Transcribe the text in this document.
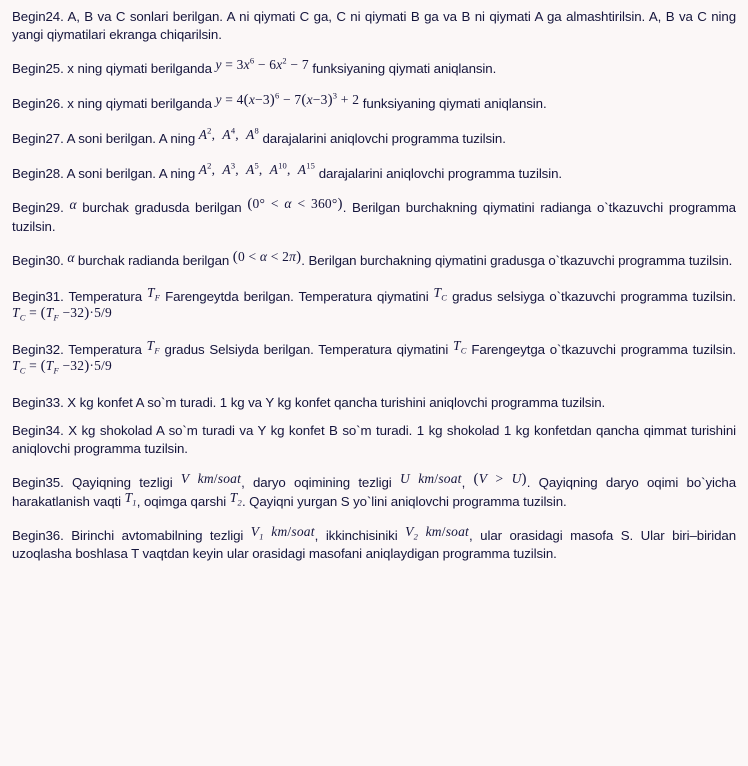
Begin24. A, B va C sonlari berilgan. A ni qiymati C ga, C ni qiymati B ga va B ni qiymati A ga almashtirilsin. A, B va C ning yangi qiymatilari ekranga chiqarilsin.

Begin25. x ning qiymati berilganda $y = 3x^6 - 6x^2 - 7$ funksiyaning qiymati aniqlansin.

Begin26. x ning qiymati berilganda $y = 4(x-3)^6 - 7(x-3)^3 + 2$ funksiyaning qiymati aniqlansin.

Begin27. A soni berilgan. A ning $A^2$,  $A^4$,  $A^8$ darajalarini aniqlovchi programma tuzilsin.

Begin28. A soni berilgan. A ning $A^2$,  $A^3$,  $A^5$,  $A^{10}$,  $A^{15}$ darajalarini aniqlovchi programma tuzilsin.

Begin29. α burchak gradusda berilgan (0° < α < 360°). Berilgan burchakning qiymatini radianga o`tkazuvchi programma tuzilsin.

Begin30. α burchak radianda berilgan (0 < α < 2π). Berilgan burchakning qiymatini gradusga o`tkazuvchi programma tuzilsin.

Begin31. Temperatura $T_F$ Farengeytda berilgan. Temperatura qiymatini $T_C$ gradus selsiyga o`tkazuvchi programma tuzilsin. $T_C = (T_F -32)\cdot 5/9$

Begin32. Temperatura $T_F$ gradus Selsiyda berilgan. Temperatura qiymatini $T_C$ Farengeytga o`tkazuvchi programma tuzilsin. $T_C = (T_F -32)\cdot 5/9$

Begin33. X kg konfet A so`m turadi. 1 kg va Y kg konfet qancha turishini aniqlovchi programma tuzilsin.

Begin34. X kg shokolad A so`m turadi va Y kg konfet B so`m turadi. 1 kg shokolad 1 kg konfetdan qancha qimmat turishini aniqlovchi programma tuzilsin.

Begin35. Qayiqning tezligi V km/soat, daryo oqimining tezligi U km/soat, (V > U). Qayiqning daryo oqimi bo`yicha harakatlanish vaqti $T_1$, oqimga qarshi $T_2$. Qayiqni yurgan S yo`lini aniqlovchi programma tuzilsin.

Begin36. Birinchi avtomabilning tezligi $V_1$ km/soat, ikkinchisiniki $V_2$ km/soat, ular orasidagi masofa S. Ular biri–biridan uzoqlasha boshlasa T vaqtdan keyin ular orasidagi masofani aniqlaydigan programma tuzilsin.
